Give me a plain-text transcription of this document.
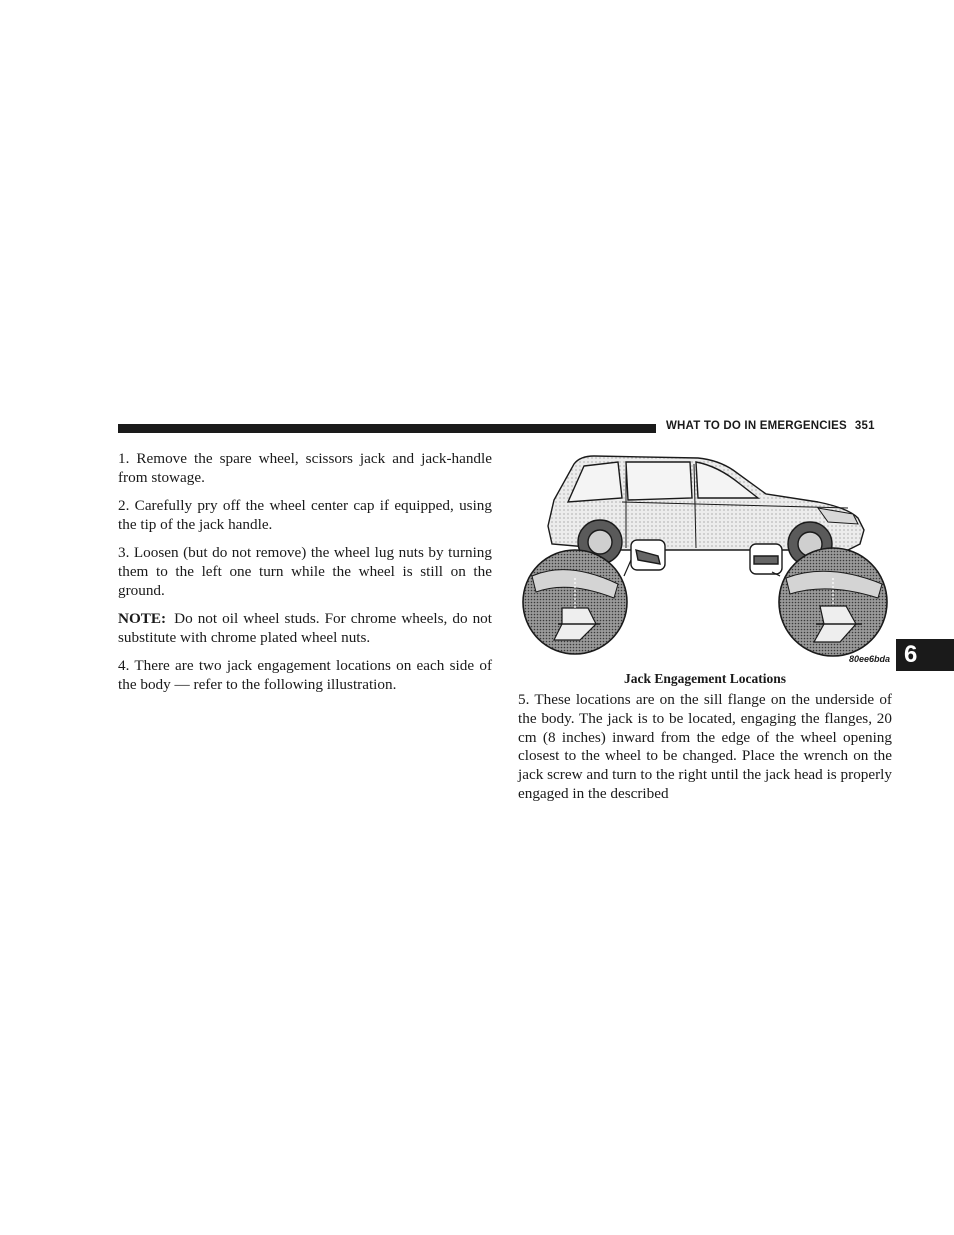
WHAT TO DO IN EMERGENCIES 351

1. Remove the spare wheel, scissors jack and jack-handle from stowage.

2. Carefully pry off the wheel center cap if equipped, using the tip of the jack handle.

3. Loosen (but do not remove) the wheel lug nuts by turning them to the left one turn while the wheel is still on the ground.

NOTE: Do not oil wheel studs. For chrome wheels, do not substitute with chrome plated wheel nuts.

4. There are two jack engagement locations on each side of the body — refer to the following illustration.

80ee6bda
Jack Engagement Locations

5. These locations are on the sill flange on the underside of the body. The jack is to be located, engaging the flanges, 20 cm (8 inches) inward from the edge of the wheel opening closest to the wheel to be changed. Place the wrench on the jack screw and turn to the right until the jack head is properly engaged in the described

6
